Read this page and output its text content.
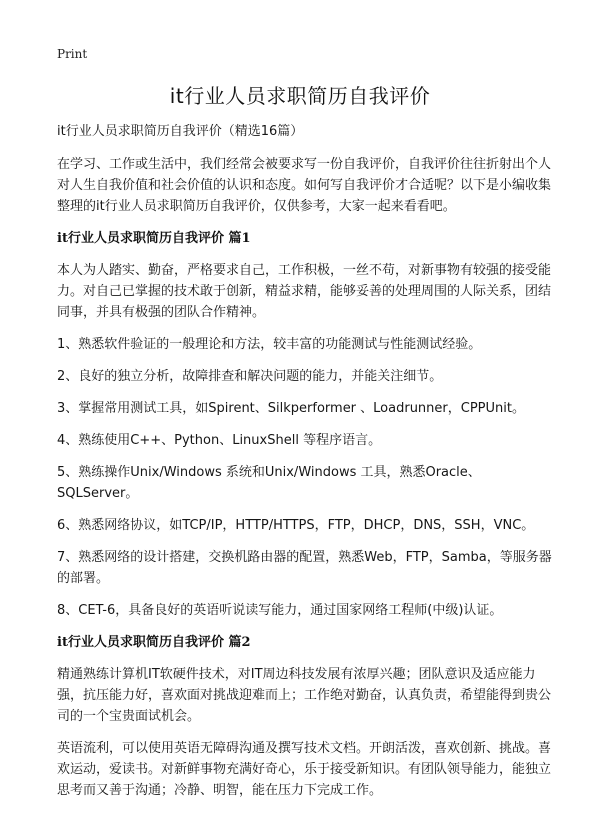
Print
it行业人员求职简历自我评价

it行业人员求职简历自我评价（精选16篇）

在学习、工作或生活中，我们经常会被要求写一份自我评价，自我评价往往折射出个人对人生自我价值和社会价值的认识和态度。如何写自我评价才合适呢？以下是小编收集整理的it行业人员求职简历自我评价，仅供参考，大家一起来看看吧。

it行业人员求职简历自我评价 篇1

本人为人踏实、勤奋，严格要求自己，工作积极，一丝不苟，对新事物有较强的接受能力。对自己已掌握的技术敢于创新，精益求精，能够妥善的处理周围的人际关系，团结同事，并具有极强的团队合作精神。

1、熟悉软件验证的一般理论和方法，较丰富的功能测试与性能测试经验。
2、良好的独立分析，故障排查和解决问题的能力，并能关注细节。
3、掌握常用测试工具，如Spirent、Silkperformer 、Loadrunner，CPPUnit。
4、熟练使用C++、Python、LinuxShell 等程序语言。
5、熟练操作Unix/Windows 系统和Unix/Windows 工具，熟悉Oracle、SQLServer。
6、熟悉网络协议，如TCP/IP，HTTP/HTTPS，FTP，DHCP，DNS，SSH，VNC。
7、熟悉网络的设计搭建，交换机路由器的配置，熟悉Web，FTP，Samba，等服务器的部署。
8、CET-6，具备良好的英语听说读写能力，通过国家网络工程师(中级)认证。
it行业人员求职简历自我评价 篇2

精通熟练计算机IT软硬件技术，对IT周边科技发展有浓厚兴趣；团队意识及适应能力强，抗压能力好，喜欢面对挑战迎难而上；工作绝对勤奋，认真负责，希望能得到贵公司的一个宝贵面试机会。

英语流利，可以使用英语无障碍沟通及撰写技术文档。开朗活泼，喜欢创新、挑战。喜欢运动，爱读书。对新鲜事物充满好奇心，乐于接受新知识。有团队领导能力，能独立思考而又善于沟通；冷静、明智，能在压力下完成工作。
